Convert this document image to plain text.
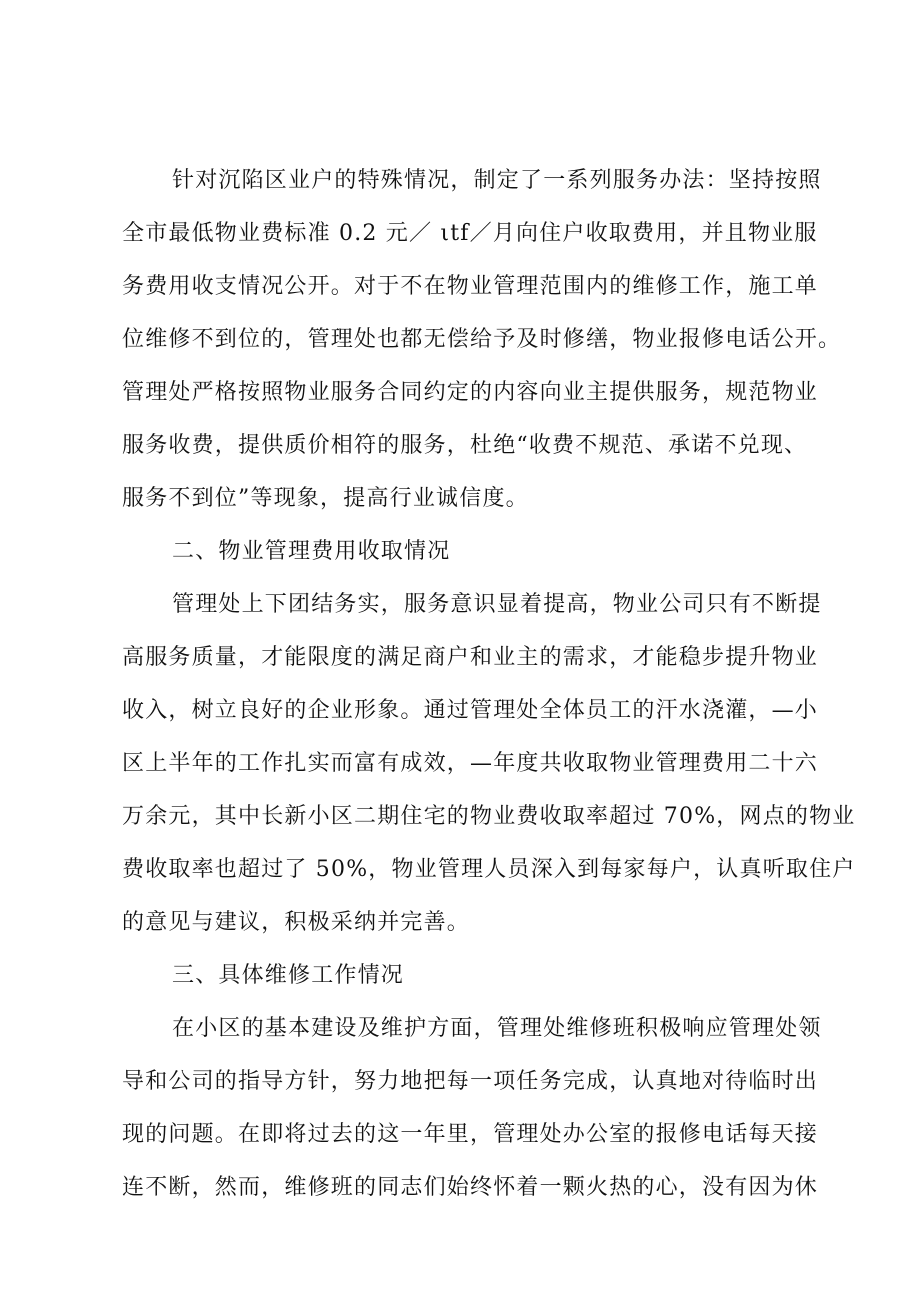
针对沉陷区业户的特殊情况，制定了一系列服务办法：坚持按照
全市最低物业费标准 0.2 元／ ιtf／月向住户收取费用，并且物业服
务费用收支情况公开。对于不在物业管理范围内的维修工作，施工单
位维修不到位的，管理处也都无偿给予及时修缮，物业报修电话公开。
管理处严格按照物业服务合同约定的内容向业主提供服务，规范物业
服务收费，提供质价相符的服务，杜绝“收费不规范、承诺不兑现、
服务不到位”等现象，提高行业诚信度。
二、物业管理费用收取情况
管理处上下团结务实，服务意识显着提高，物业公司只有不断提
高服务质量，才能限度的满足商户和业主的需求，才能稳步提升物业
收入，树立良好的企业形象。通过管理处全体员工的汗水浇灌，—小
区上半年的工作扎实而富有成效，—年度共收取物业管理费用二十六
万余元，其中长新小区二期住宅的物业费收取率超过 70%，网点的物业
费收取率也超过了 50%，物业管理人员深入到每家每户，认真听取住户
的意见与建议，积极采纳并完善。
三、具体维修工作情况
在小区的基本建设及维护方面，管理处维修班积极响应管理处领
导和公司的指导方针，努力地把每一项任务完成，认真地对待临时出
现的问题。在即将过去的这一年里，管理处办公室的报修电话每天接
连不断，然而，维修班的同志们始终怀着一颗火热的心，没有因为休
